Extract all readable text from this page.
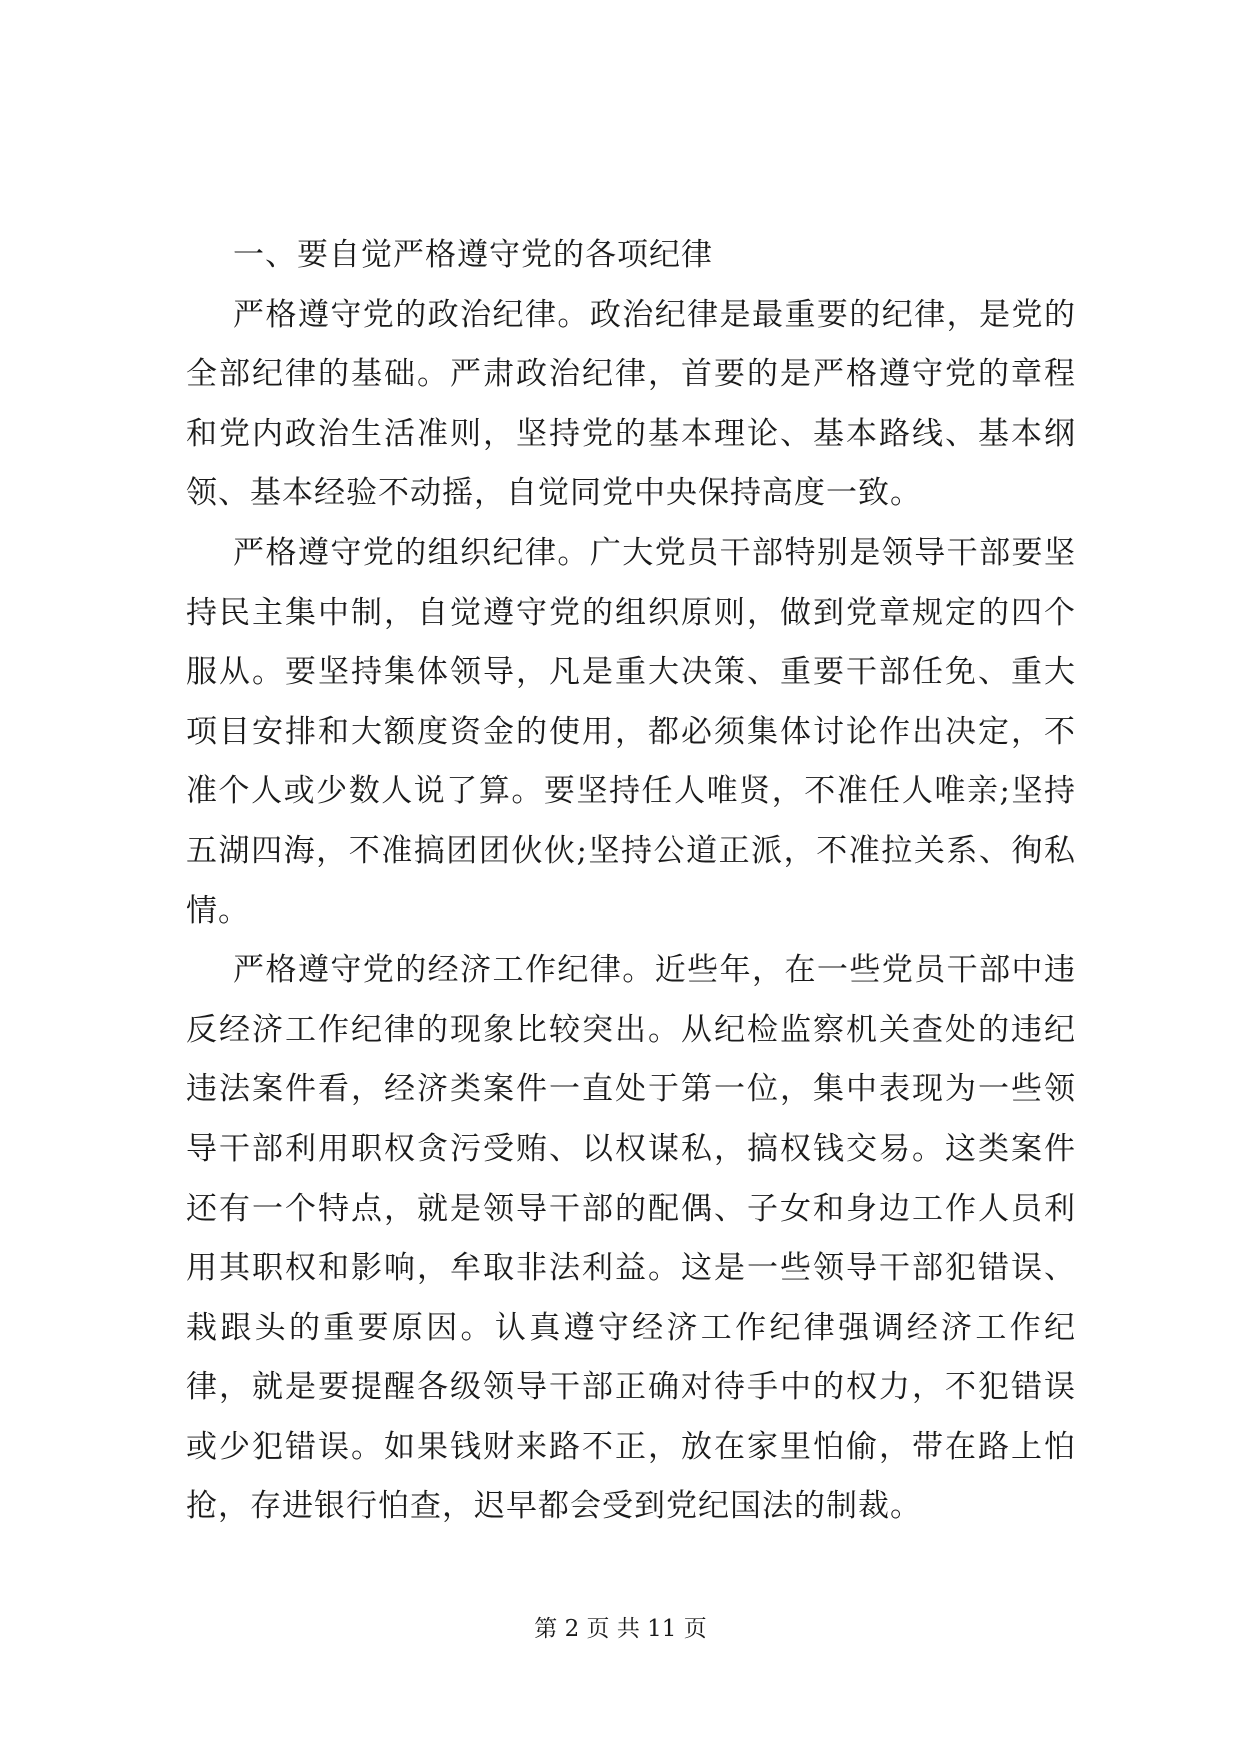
一、要自觉严格遵守党的各项纪律

严格遵守党的政治纪律。政治纪律是最重要的纪律，是党的全部纪律的基础。严肃政治纪律，首要的是严格遵守党的章程和党内政治生活准则，坚持党的基本理论、基本路线、基本纲领、基本经验不动摇，自觉同党中央保持高度一致。

严格遵守党的组织纪律。广大党员干部特别是领导干部要坚持民主集中制，自觉遵守党的组织原则，做到党章规定的四个服从。要坚持集体领导，凡是重大决策、重要干部任免、重大项目安排和大额度资金的使用，都必须集体讨论作出决定，不准个人或少数人说了算。要坚持任人唯贤，不准任人唯亲;坚持五湖四海，不准搞团团伙伙;坚持公道正派，不准拉关系、徇私情。

严格遵守党的经济工作纪律。近些年，在一些党员干部中违反经济工作纪律的现象比较突出。从纪检监察机关查处的违纪违法案件看，经济类案件一直处于第一位，集中表现为一些领导干部利用职权贪污受贿、以权谋私，搞权钱交易。这类案件还有一个特点，就是领导干部的配偶、子女和身边工作人员利用其职权和影响，牟取非法利益。这是一些领导干部犯错误、栽跟头的重要原因。认真遵守经济工作纪律强调经济工作纪律，就是要提醒各级领导干部正确对待手中的权力，不犯错误或少犯错误。如果钱财来路不正，放在家里怕偷，带在路上怕抢，存进银行怕查，迟早都会受到党纪国法的制裁。

第 2 页 共 11 页
